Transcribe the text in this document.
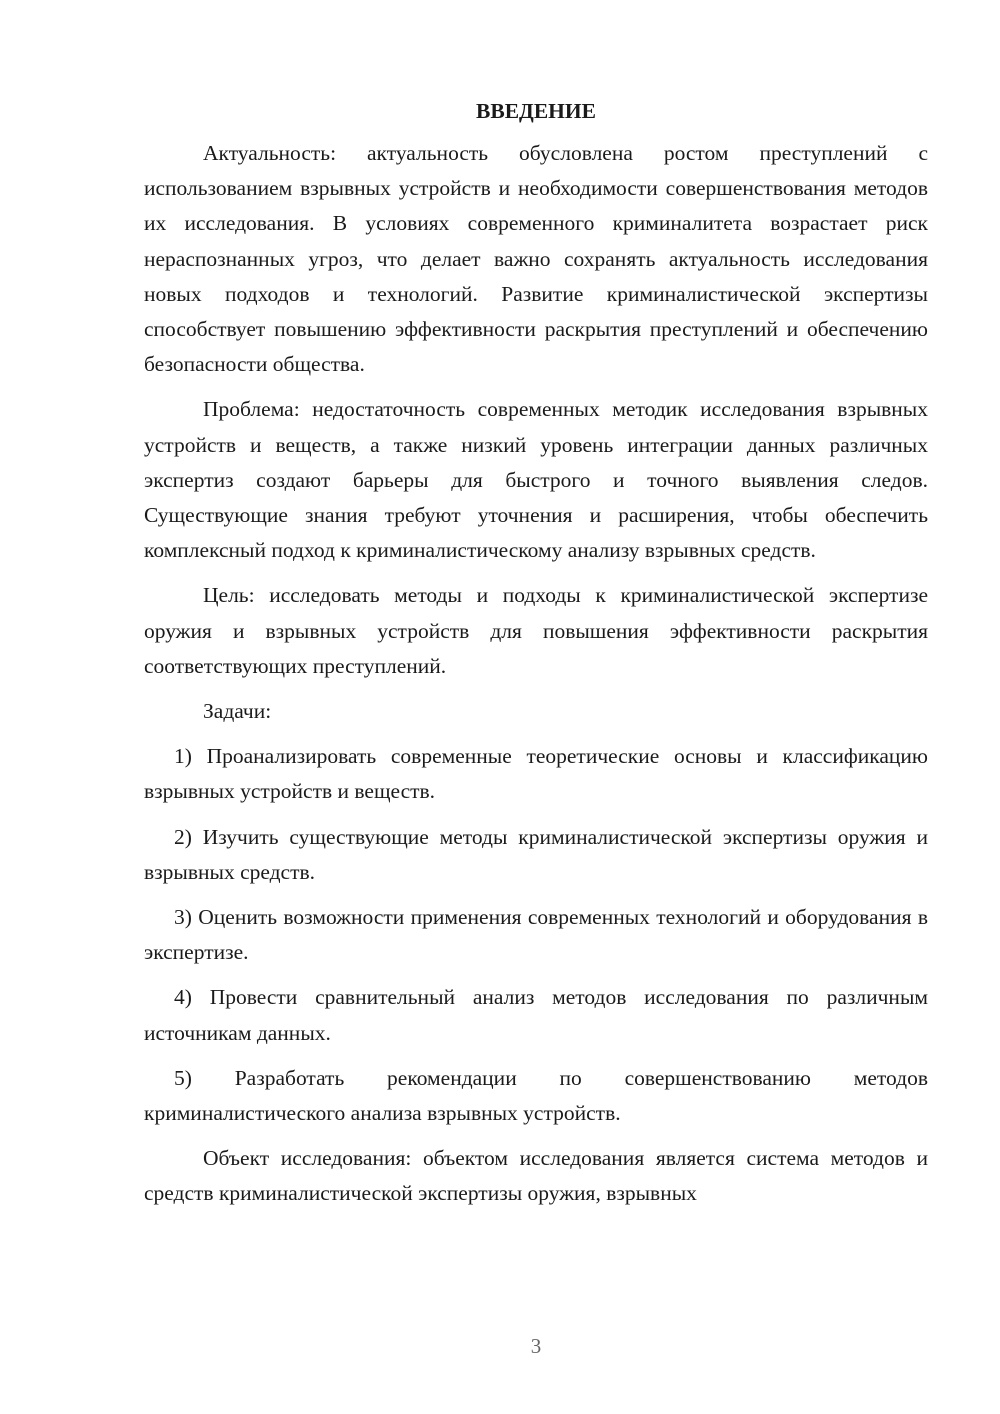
ВВЕДЕНИЕ

Актуальность: актуальность обусловлена ростом преступлений с использованием взрывных устройств и необходимости совершенствования методов их исследования. В условиях современного криминалитета возрастает риск нераспознанных угроз, что делает важно сохранять актуальность исследования новых подходов и технологий. Развитие криминалистической экспертизы способствует повышению эффективности раскрытия преступлений и обеспечению безопасности общества.

Проблема: недостаточность современных методик исследования взрывных устройств и веществ, а также низкий уровень интеграции данных различных экспертиз создают барьеры для быстрого и точного выявления следов. Существующие знания требуют уточнения и расширения, чтобы обеспечить комплексный подход к криминалистическому анализу взрывных средств.

Цель: исследовать методы и подходы к криминалистической экспертизе оружия и взрывных устройств для повышения эффективности раскрытия соответствующих преступлений.

Задачи:

1) Проанализировать современные теоретические основы и классификацию взрывных устройств и веществ.

2) Изучить существующие методы криминалистической экспертизы оружия и взрывных средств.

3) Оценить возможности применения современных технологий и оборудования в экспертизе.

4) Провести сравнительный анализ методов исследования по различным источникам данных.

5) Разработать рекомендации по совершенствованию методов криминалистического анализа взрывных устройств.

Объект исследования: объектом исследования является система методов и средств криминалистической экспертизы оружия, взрывных

3
